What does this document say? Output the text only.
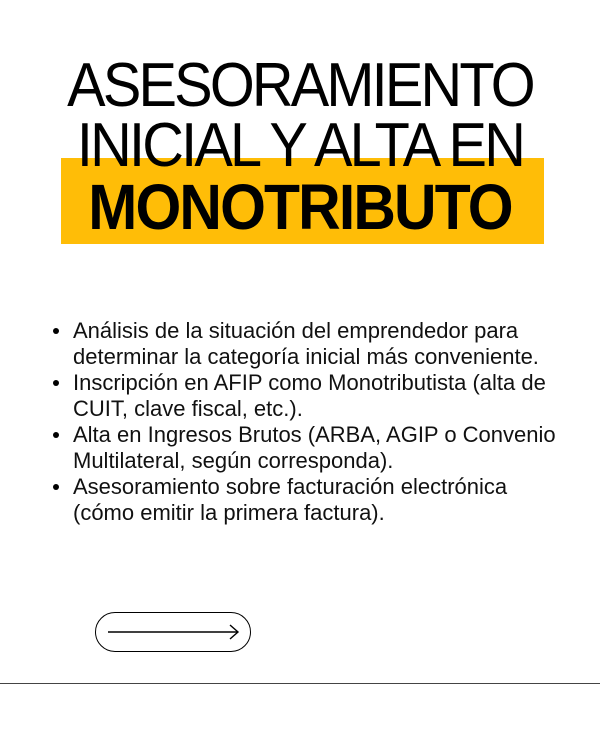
ASESORAMIENTO
INICIAL Y ALTA EN
MONOTRIBUTO
Análisis de la situación del emprendedor para determinar la categoría inicial más conveniente.
Inscripción en AFIP como Monotributista (alta de CUIT, clave fiscal, etc.).
Alta en Ingresos Brutos (ARBA, AGIP o Convenio Multilateral, según corresponda).
Asesoramiento sobre facturación electrónica (cómo emitir la primera factura).
